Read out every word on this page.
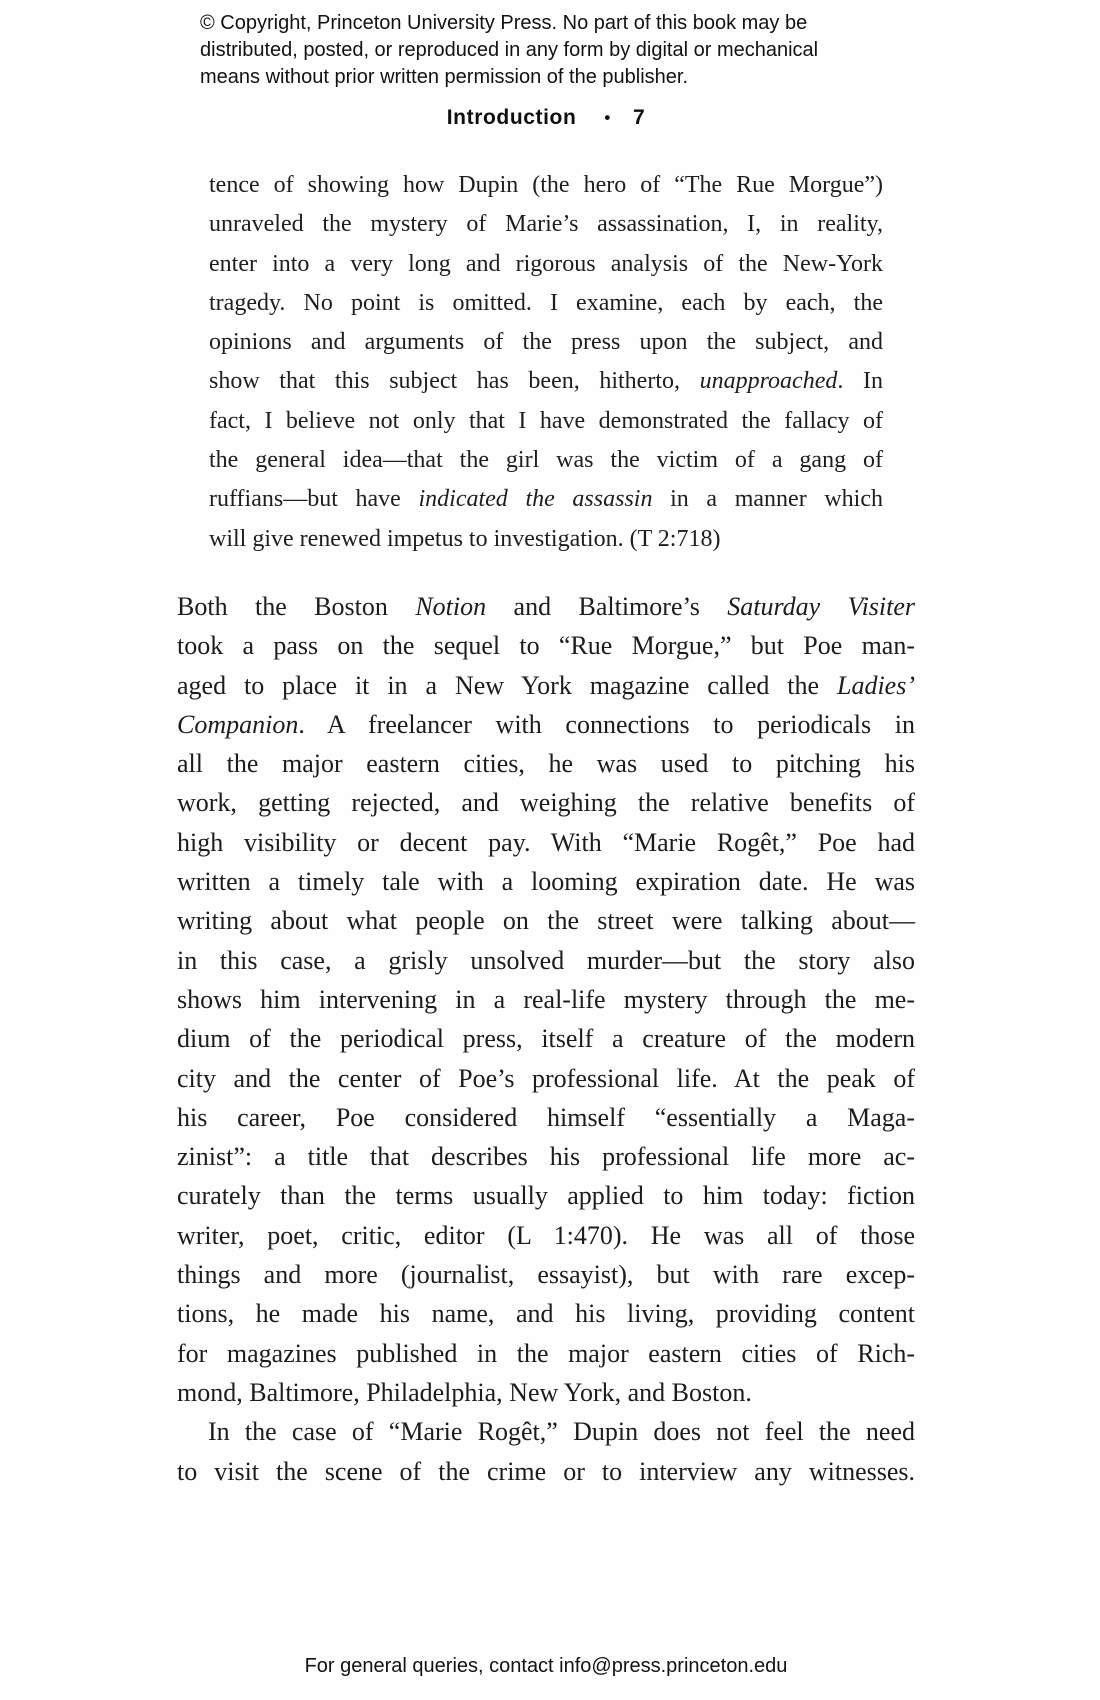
© Copyright, Princeton University Press. No part of this book may be
distributed, posted, or reproduced in any form by digital or mechanical
means without prior written permission of the publisher.
Introduction • 7
tence of showing how Dupin (the hero of “The Rue Morgue”)
unraveled the mystery of Marie’s assassination, I, in reality,
enter into a very long and rigorous analysis of the New-York
tragedy. No point is omitted. I examine, each by each, the
opinions and arguments of the press upon the subject, and
show that this subject has been, hitherto, unapproached. In
fact, I believe not only that I have demonstrated the fallacy of
the general idea—that the girl was the victim of a gang of
ruffians—but have indicated the assassin in a manner which
will give renewed impetus to investigation. (T 2:718)
Both the Boston Notion and Baltimore’s Saturday Visiter
took a pass on the sequel to “Rue Morgue,” but Poe man-
aged to place it in a New York magazine called the Ladies’
Companion. A freelancer with connections to periodicals in
all the major eastern cities, he was used to pitching his
work, getting rejected, and weighing the relative benefits of
high visibility or decent pay. With “Marie Rogêt,” Poe had
written a timely tale with a looming expiration date. He was
writing about what people on the street were talking about—
in this case, a grisly unsolved murder—but the story also
shows him intervening in a real-life mystery through the me-
dium of the periodical press, itself a creature of the modern
city and the center of Poe’s professional life. At the peak of
his career, Poe considered himself “essentially a Maga-
zinist”: a title that describes his professional life more ac-
curately than the terms usually applied to him today: fiction
writer, poet, critic, editor (L 1:470). He was all of those
things and more (journalist, essayist), but with rare excep-
tions, he made his name, and his living, providing content
for magazines published in the major eastern cities of Rich-
mond, Baltimore, Philadelphia, New York, and Boston.
In the case of “Marie Rogêt,” Dupin does not feel the need
to visit the scene of the crime or to interview any witnesses.
For general queries, contact info@press.princeton.edu
